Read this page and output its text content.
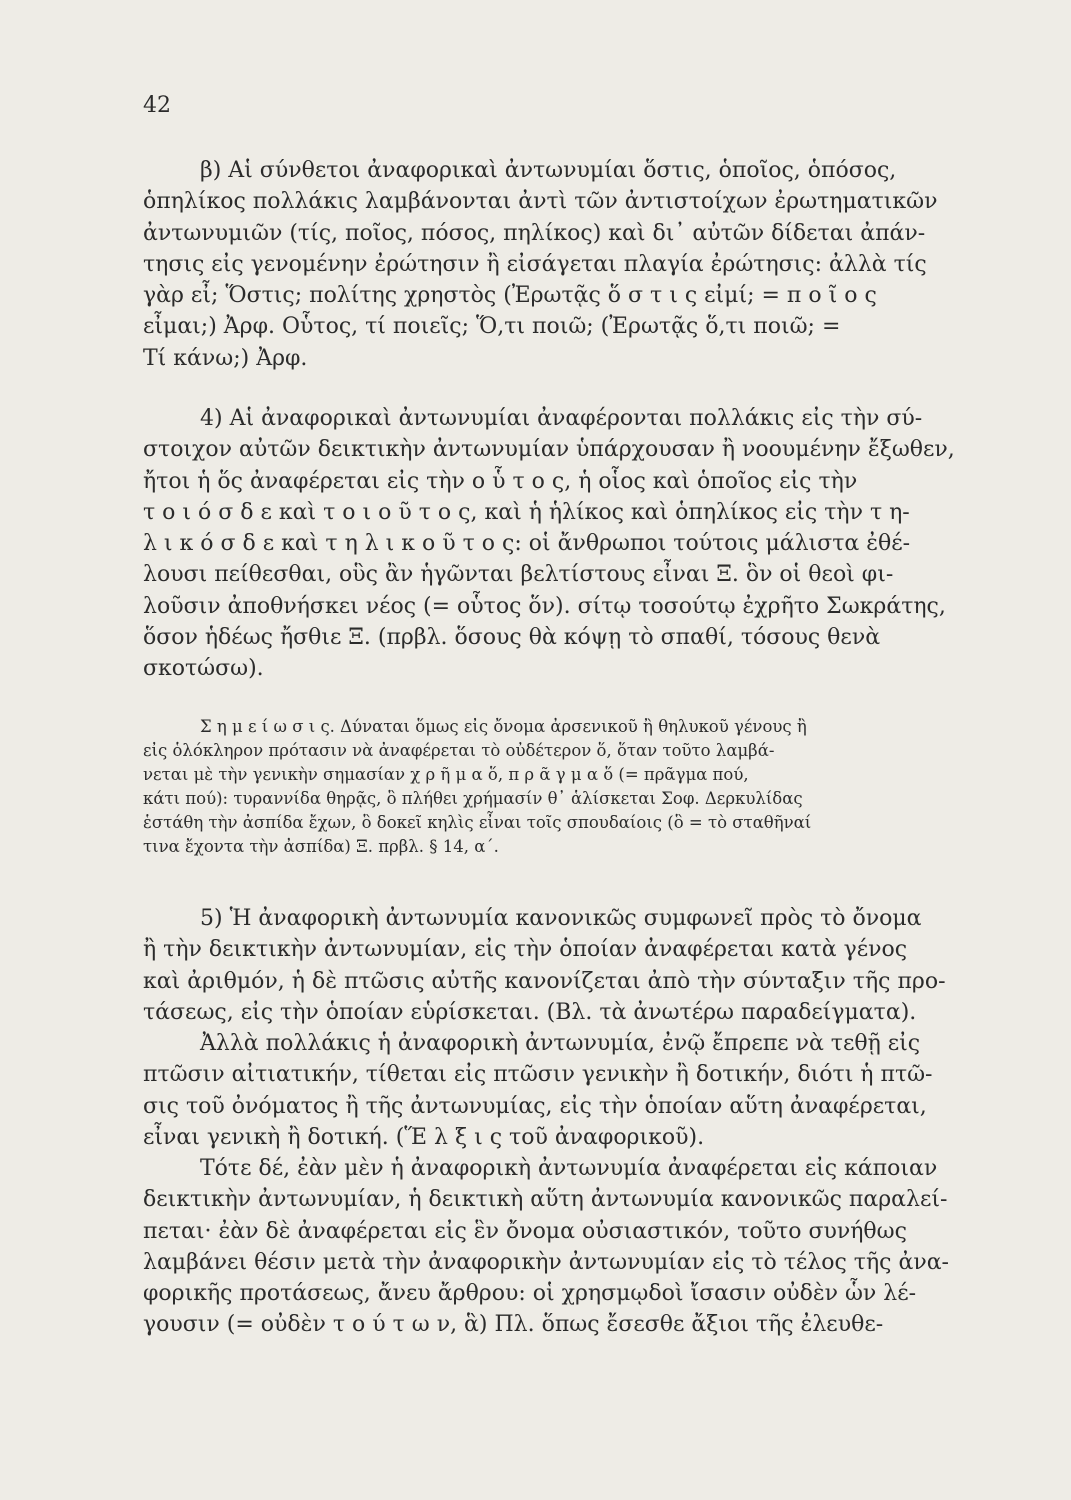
42

β) Αἱ σύνθετοι ἀναφορικαὶ ἀντωνυμίαι ὅστις, ὁποῖος, ὁπόσος,
ὁπηλίκος πολλάκις λαμβάνονται ἀντὶ τῶν ἀντιστοίχων ἐρωτηματικῶν
ἀντωνυμιῶν (τίς, ποῖος, πόσος, πηλίκος) καὶ δι᾿ αὐτῶν δίδεται ἀπάν-
τησις εἰς γενομένην ἐρώτησιν ἢ εἰσάγεται πλαγία ἐρώτησις: ἀλλὰ τίς
γὰρ εἶ; Ὅστις; πολίτης χρηστὸς (Ἐρωτᾷς ὅ σ τ ι ς εἰμί; = π ο ῖ ο ς
εἶμαι;) Ἀρφ. Οὗτος, τί ποιεῖς; Ὅ,τι ποιῶ; (Ἐρωτᾷς ὅ,τι ποιῶ; =
Τί κάνω;) Ἀρφ.

4) Αἱ ἀναφορικαὶ ἀντωνυμίαι ἀναφέρονται πολλάκις εἰς τὴν σύ-
στοιχον αὐτῶν δεικτικὴν ἀντωνυμίαν ὑπάρχουσαν ἢ νοουμένην ἔξωθεν,
ἤτοι ἡ ὅς ἀναφέρεται εἰς τὴν ο ὗ τ ο ς, ἡ οἷος καὶ ὁποῖος εἰς τὴν
τ ο ι ό σ δ ε καὶ τ ο ι ο ῦ τ ο ς, καὶ ἡ ἡλίκος καὶ ὁπηλίκος εἰς τὴν τ η-
λ ι κ ό σ δ ε καὶ τ η λ ι κ ο ῦ τ ο ς: οἱ ἄνθρωποι τούτοις μάλιστα ἐθέ-
λουσι πείθεσθαι, οὓς ἂν ἡγῶνται βελτίστους εἶναι Ξ. ὃν οἱ θεοὶ φι-
λοῦσιν ἀποθνήσκει νέος (= οὗτος ὅν). σίτῳ τοσούτῳ ἐχρῆτο Σωκράτης,
ὅσον ἡδέως ἤσθιε Ξ. (πρβλ. ὅσους θὰ κόψῃ τὸ σπαθί, τόσους θενὰ
σκοτώσω).

Σ η μ ε ί ω σ ι ς. Δύναται ὅμως εἰς ὄνομα ἀρσενικοῦ ἢ θηλυκοῦ γένους ἢ
εἰς ὁλόκληρον πρότασιν νὰ ἀναφέρεται τὸ οὐδέτερον ὅ, ὅταν τοῦτο λαμβά-
νεται μὲ τὴν γενικὴν σημασίαν χ ρ ῆ μ α ὅ, π ρ ᾶ γ μ α ὅ (= πρᾶγμα πού,
κάτι πού): τυραννίδα θηρᾷς, ὃ πλήθει χρήμασίν θ᾿ ἁλίσκεται Σοφ. Δερκυλίδας
ἑστάθη τὴν ἀσπίδα ἔχων, ὃ δοκεῖ κηλὶς εἶναι τοῖς σπουδαίοις (ὃ = τὸ σταθῆναί
τινα ἔχοντα τὴν ἀσπίδα) Ξ. πρβλ. § 14, α΄.

5) Ἡ ἀναφορικὴ ἀντωνυμία κανονικῶς συμφωνεῖ πρὸς τὸ ὄνομα
ἢ τὴν δεικτικὴν ἀντωνυμίαν, εἰς τὴν ὁποίαν ἀναφέρεται κατὰ γένος
καὶ ἀριθμόν, ἡ δὲ πτῶσις αὐτῆς κανονίζεται ἀπὸ τὴν σύνταξιν τῆς προ-
τάσεως, εἰς τὴν ὁποίαν εὑρίσκεται. (Βλ. τὰ ἀνωτέρω παραδείγματα).

Ἀλλὰ πολλάκις ἡ ἀναφορικὴ ἀντωνυμία, ἐνῷ ἔπρεπε νὰ τεθῇ εἰς
πτῶσιν αἰτιατικήν, τίθεται εἰς πτῶσιν γενικὴν ἢ δοτικήν, διότι ἡ πτῶ-
σις τοῦ ὀνόματος ἢ τῆς ἀντωνυμίας, εἰς τὴν ὁποίαν αὕτη ἀναφέρεται,
εἶναι γενικὴ ἢ δοτική. (Ἕ λ ξ ι ς τοῦ ἀναφορικοῦ).

Τότε δέ, ἐὰν μὲν ἡ ἀναφορικὴ ἀντωνυμία ἀναφέρεται εἰς κάποιαν
δεικτικὴν ἀντωνυμίαν, ἡ δεικτικὴ αὕτη ἀντωνυμία κανονικῶς παραλεί-
πεται· ἐὰν δὲ ἀναφέρεται εἰς ἓν ὄνομα οὐσιαστικόν, τοῦτο συνήθως
λαμβάνει θέσιν μετὰ τὴν ἀναφορικὴν ἀντωνυμίαν εἰς τὸ τέλος τῆς ἀνα-
φορικῆς προτάσεως, ἄνευ ἄρθρου: οἱ χρησμῳδοὶ ἴσασιν οὐδὲν ὧν λέ-
γουσιν (= οὐδὲν τ ο ύ τ ω ν, ἃ) Πλ. ὅπως ἔσεσθε ἄξιοι τῆς ἐλευθε-
